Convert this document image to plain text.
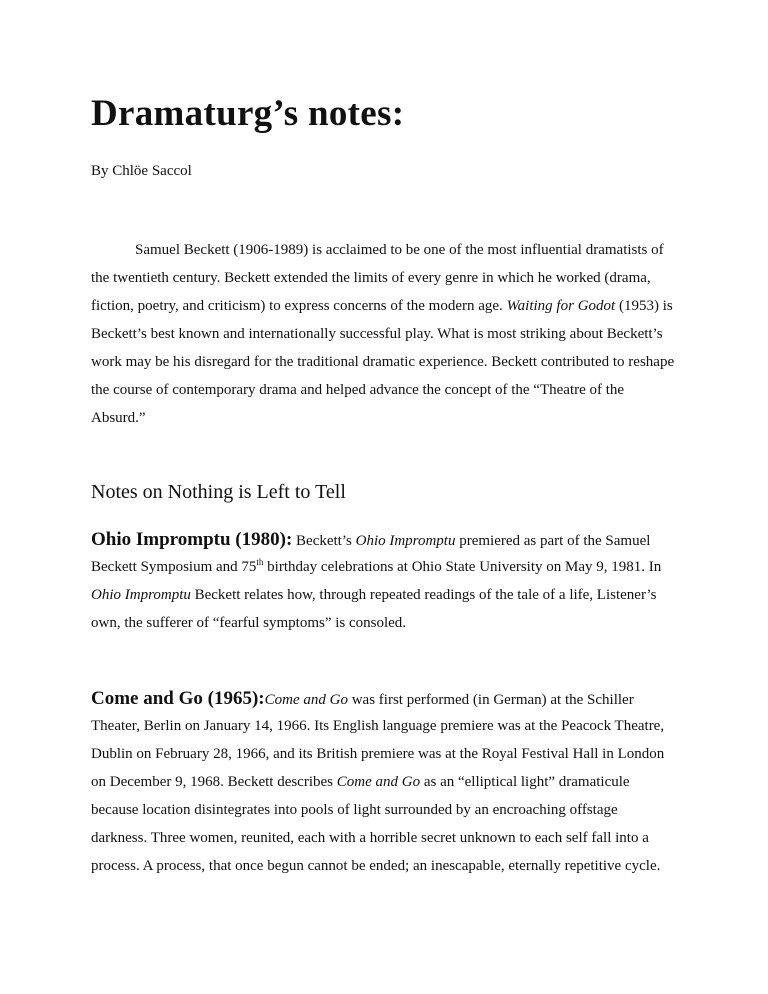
Dramaturg’s notes:
By Chlöe Saccol
Samuel Beckett (1906-1989) is acclaimed to be one of the most influential dramatists of
the twentieth century. Beckett extended the limits of every genre in which he worked (drama,
fiction, poetry, and criticism) to express concerns of the modern age. Waiting for Godot (1953) is
Beckett’s best known and internationally successful play. What is most striking about Beckett’s
work may be his disregard for the traditional dramatic experience. Beckett contributed to reshape
the course of contemporary drama and helped advance the concept of the “Theatre of the
Absurd.”
Notes on Nothing is Left to Tell
Ohio Impromptu (1980): Beckett’s Ohio Impromptu premiered as part of the Samuel
Beckett Symposium and 75th birthday celebrations at Ohio State University on May 9, 1981. In
Ohio Impromptu Beckett relates how, through repeated readings of the tale of a life, Listener’s
own, the sufferer of “fearful symptoms” is consoled.
Come and Go (1965):Come and Go was first performed (in German) at the Schiller
Theater, Berlin on January 14, 1966. Its English language premiere was at the Peacock Theatre,
Dublin on February 28, 1966, and its British premiere was at the Royal Festival Hall in London
on December 9, 1968. Beckett describes Come and Go as an “elliptical light” dramaticule
because location disintegrates into pools of light surrounded by an encroaching offstage
darkness. Three women, reunited, each with a horrible secret unknown to each self fall into a
process. A process, that once begun cannot be ended; an inescapable, eternally repetitive cycle.
